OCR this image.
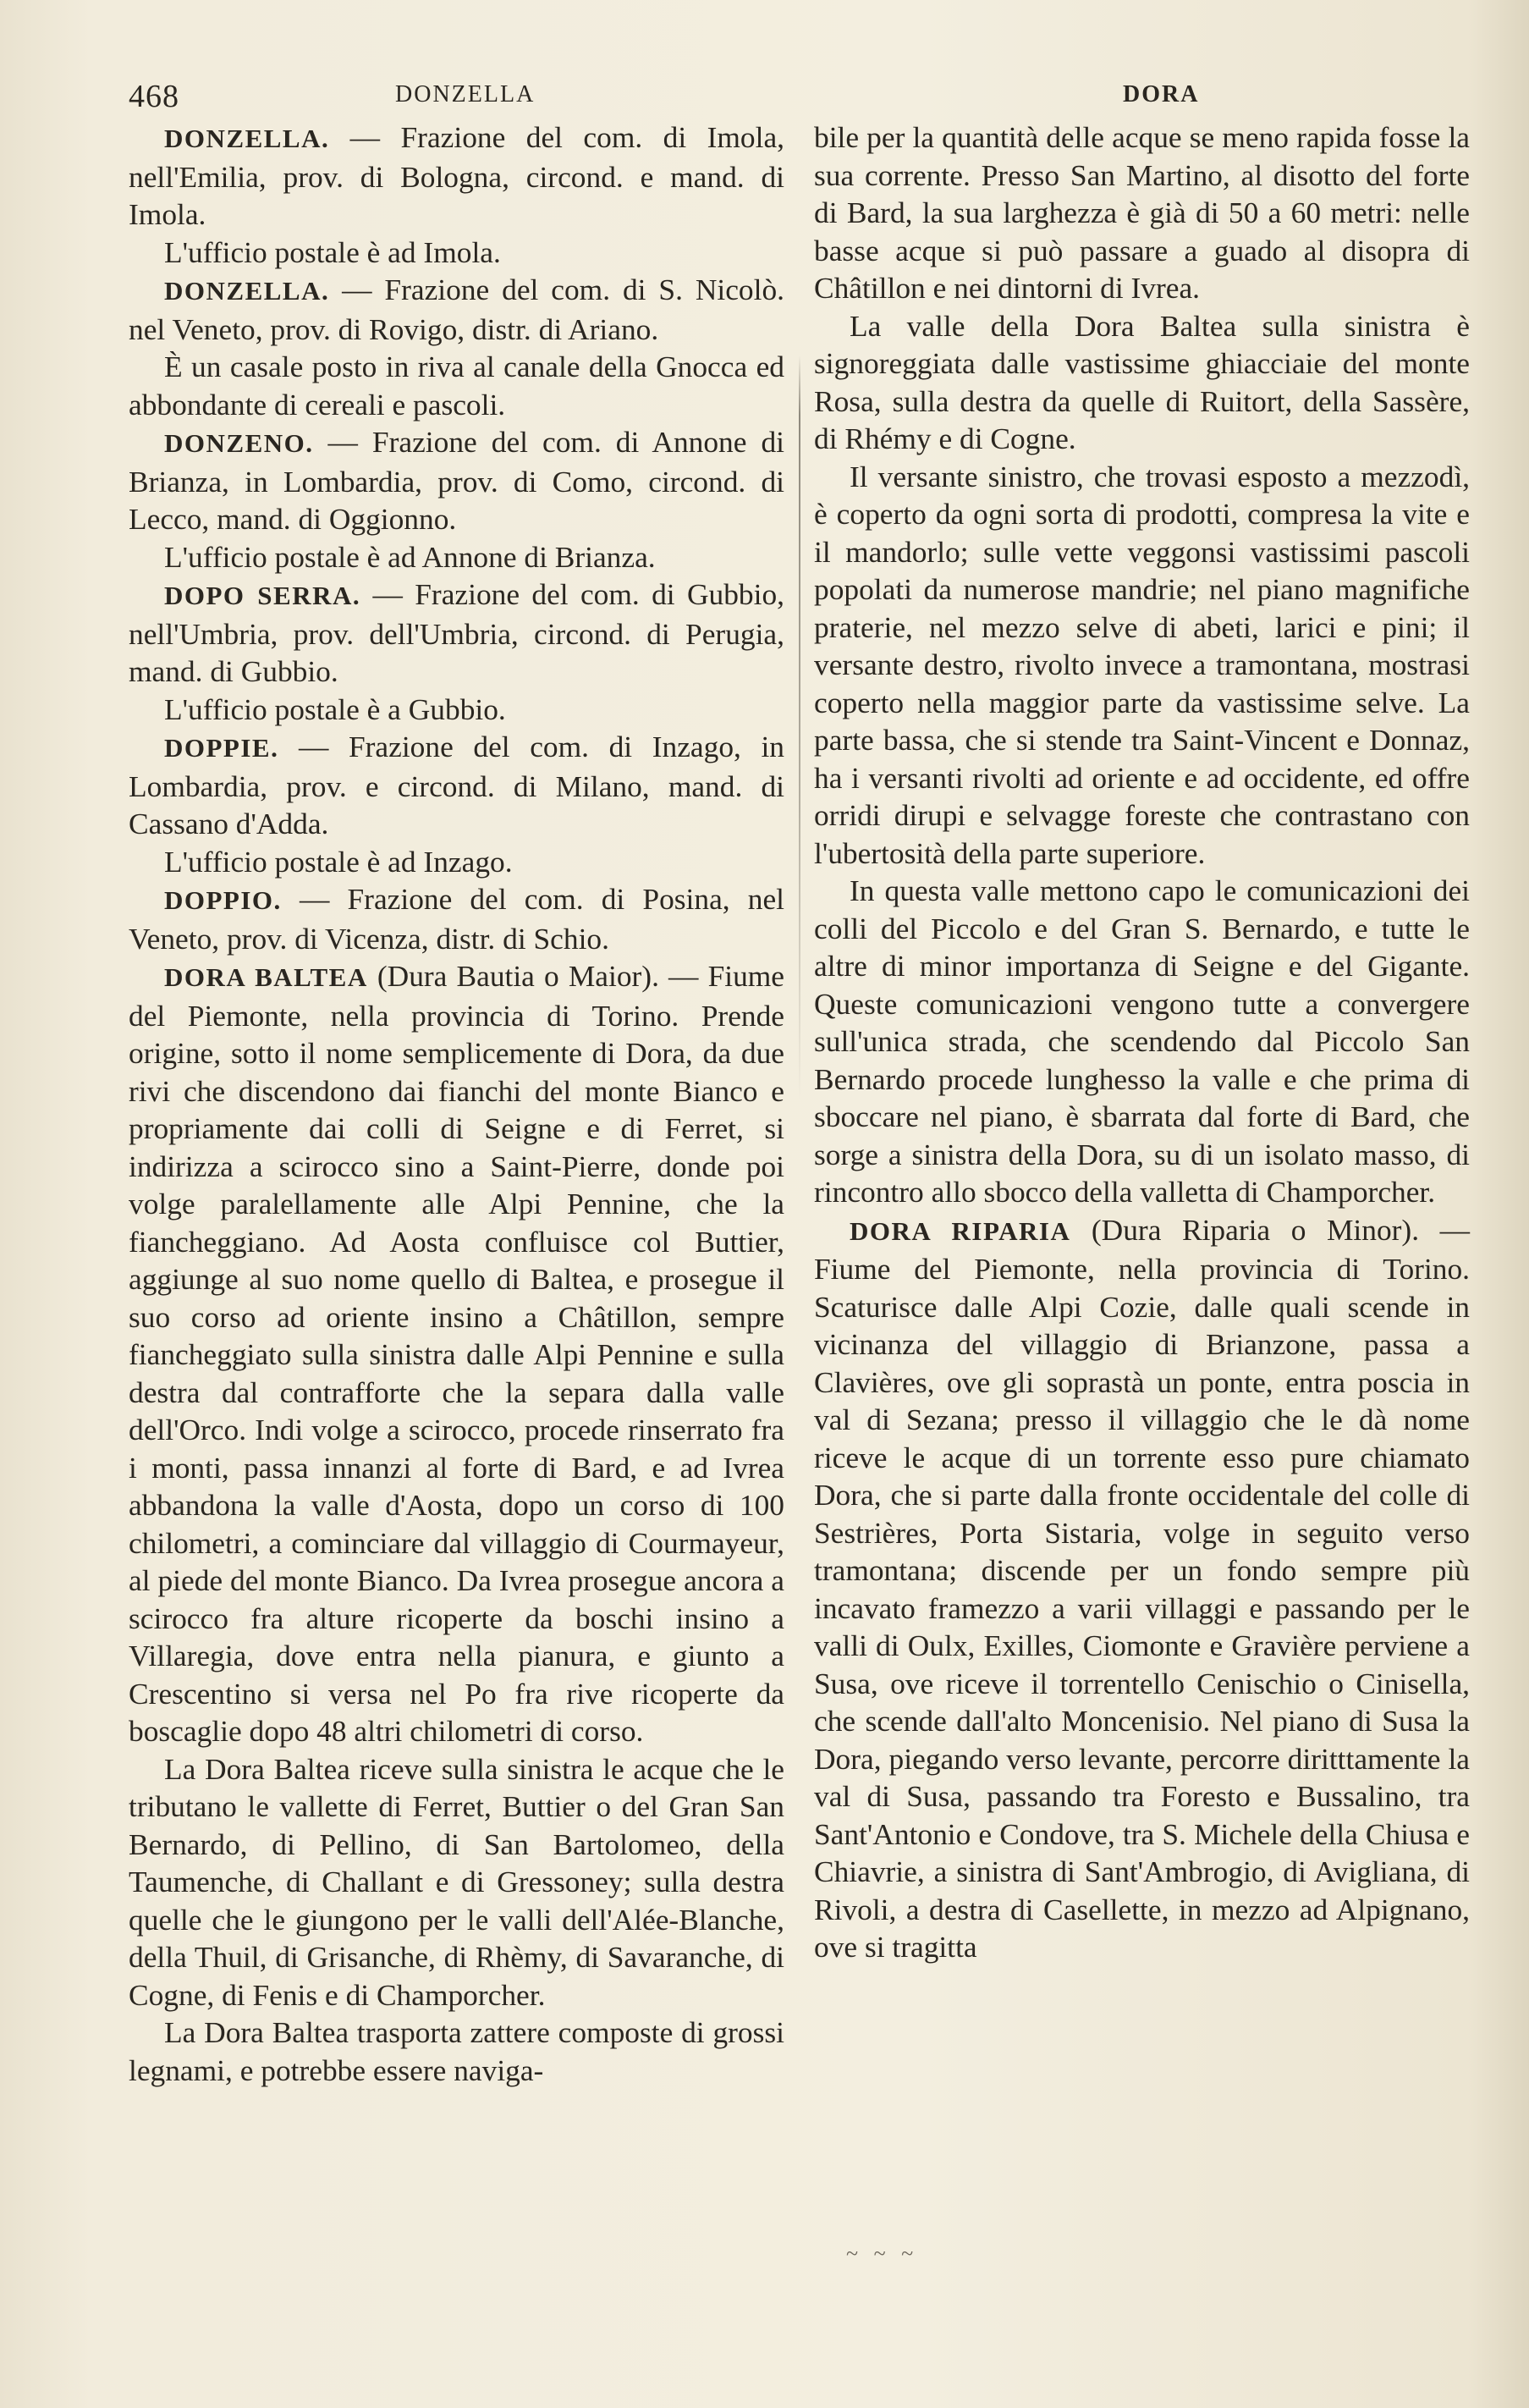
468	DONZELLA	DORA

DONZELLA. — Frazione del com. di Imola, nell'Emilia, prov. di Bologna, circond. e mand. di Imola.

L'ufficio postale è ad Imola.

DONZELLA. — Frazione del com. di S. Nicolò. nel Veneto, prov. di Rovigo, distr. di Ariano.

È un casale posto in riva al canale della Gnocca ed abbondante di cereali e pascoli.

DONZENO. — Frazione del com. di Annone di Brianza, in Lombardia, prov. di Como, circond. di Lecco, mand. di Oggionno.

L'ufficio postale è ad Annone di Brianza.

DOPO SERRA. — Frazione del com. di Gubbio, nell'Umbria, prov. dell'Umbria, circond. di Perugia, mand. di Gubbio.

L'ufficio postale è a Gubbio.

DOPPIE. — Frazione del com. di Inzago, in Lombardia, prov. e circond. di Milano, mand. di Cassano d'Adda.

L'ufficio postale è ad Inzago.

DOPPIO. — Frazione del com. di Posina, nel Veneto, prov. di Vicenza, distr. di Schio.

DORA BALTEA (Dura Bautia o Maior). — Fiume del Piemonte, nella provincia di Torino. Prende origine, sotto il nome semplicemente di Dora, da due rivi che discendono dai fianchi del monte Bianco e propriamente dai colli di Seigne e di Ferret, si indirizza a scirocco sino a Saint-Pierre, donde poi volge paralellamente alle Alpi Pennine, che la fiancheggiano. Ad Aosta confluisce col Buttier, aggiunge al suo nome quello di Baltea, e prosegue il suo corso ad oriente insino a Châtillon, sempre fiancheggiato sulla sinistra dalle Alpi Pennine e sulla destra dal contrafforte che la separa dalla valle dell'Orco. Indi volge a scirocco, procede rinserrato fra i monti, passa innanzi al forte di Bard, e ad Ivrea abbandona la valle d'Aosta, dopo un corso di 100 chilometri, a cominciare dal villaggio di Courmayeur, al piede del monte Bianco. Da Ivrea prosegue ancora a scirocco fra alture ricoperte da boschi insino a Villaregia, dove entra nella pianura, e giunto a Crescentino si versa nel Po fra rive ricoperte da boscaglie dopo 48 altri chilometri di corso.

La Dora Baltea riceve sulla sinistra le acque che le tributano le vallette di Ferret, Buttier o del Gran San Bernardo, di Pellino, di San Bartolomeo, della Taumenche, di Challant e di Gressoney; sulla destra quelle che le giungono per le valli dell'Alée-Blanche, della Thuil, di Grisanche, di Rhèmy, di Savaranche, di Cogne, di Fenis e di Champorcher.

La Dora Baltea trasporta zattere composte di grossi legnami, e potrebbe essere naviga-

bile per la quantità delle acque se meno rapida fosse la sua corrente. Presso San Martino, al disotto del forte di Bard, la sua larghezza è già di 50 a 60 metri: nelle basse acque si può passare a guado al disopra di Châtillon e nei dintorni di Ivrea.

La valle della Dora Baltea sulla sinistra è signoreggiata dalle vastissime ghiacciaie del monte Rosa, sulla destra da quelle di Ruitort, della Sassère, di Rhémy e di Cogne.

Il versante sinistro, che trovasi esposto a mezzodì, è coperto da ogni sorta di prodotti, compresa la vite e il mandorlo; sulle vette veggonsi vastissimi pascoli popolati da numerose mandrie; nel piano magnifiche praterie, nel mezzo selve di abeti, larici e pini; il versante destro, rivolto invece a tramontana, mostrasi coperto nella maggior parte da vastissime selve. La parte bassa, che si stende tra Saint-Vincent e Donnaz, ha i versanti rivolti ad oriente e ad occidente, ed offre orridi dirupi e selvagge foreste che contrastano con l'ubertosità della parte superiore.

In questa valle mettono capo le comunicazioni dei colli del Piccolo e del Gran S. Bernardo, e tutte le altre di minor importanza di Seigne e del Gigante. Queste comunicazioni vengono tutte a convergere sull'unica strada, che scendendo dal Piccolo San Bernardo procede lunghesso la valle e che prima di sboccare nel piano, è sbarrata dal forte di Bard, che sorge a sinistra della Dora, su di un isolato masso, di rincontro allo sbocco della valletta di Champorcher.

DORA RIPARIA (Dura Riparia o Minor). — Fiume del Piemonte, nella provincia di Torino. Scaturisce dalle Alpi Cozie, dalle quali scende in vicinanza del villaggio di Brianzone, passa a Clavières, ove gli soprastà un ponte, entra poscia in val di Sezana; presso il villaggio che le dà nome riceve le acque di un torrente esso pure chiamato Dora, che si parte dalla fronte occidentale del colle di Sestrières, Porta Sistaria, volge in seguito verso tramontana; discende per un fondo sempre più incavato framezzo a varii villaggi e passando per le valli di Oulx, Exilles, Ciomonte e Gravière perviene a Susa, ove riceve il torrentello Cenischio o Cinisella, che scende dall'alto Moncenisio. Nel piano di Susa la Dora, piegando verso levante, percorre diritttamente la val di Susa, passando tra Foresto e Bussalino, tra Sant'Antonio e Condove, tra S. Michele della Chiusa e Chiavrie, a sinistra di Sant'Ambrogio, di Avigliana, di Rivoli, a destra di Casellette, in mezzo ad Alpignano, ove si tragitta

~ ~ ~
